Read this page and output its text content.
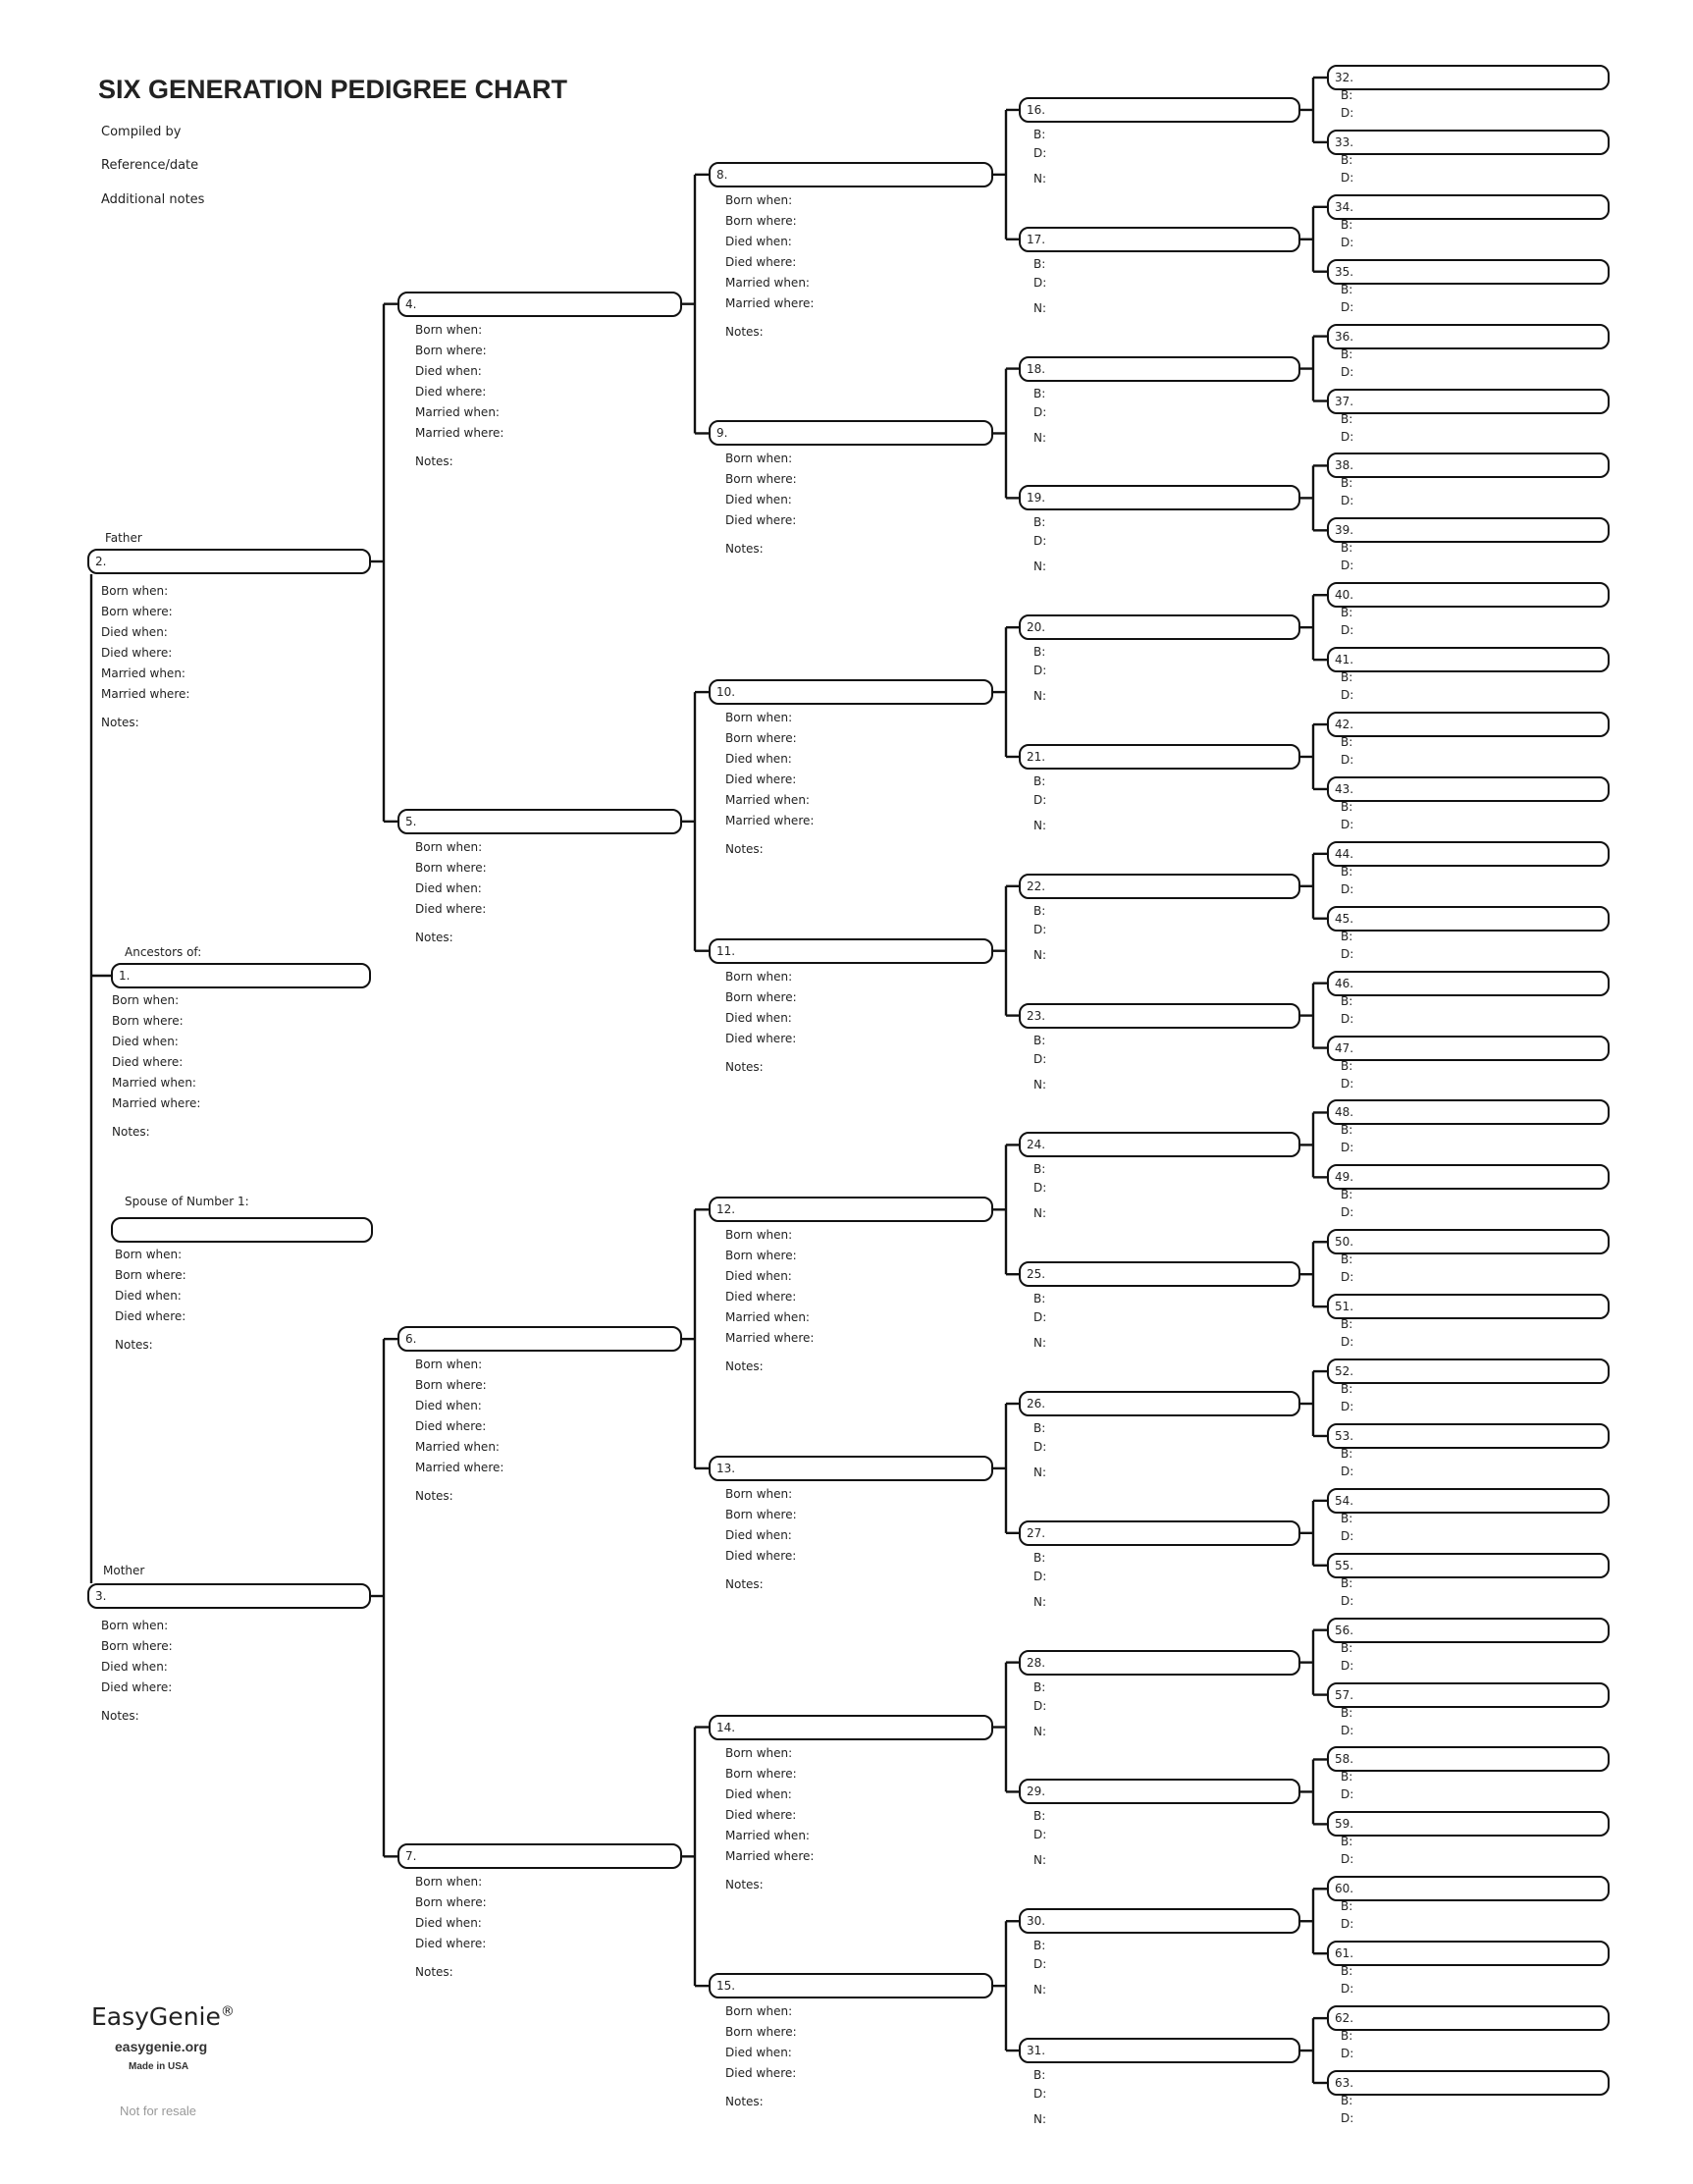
SIX GENERATION PEDIGREE CHART
Compiled by
Reference/date
Additional notes
Father
Mother
Ancestors of:
Spouse of Number 1:
2.
3.
4.
5.
6.
7.
8.
9.
10.
11.
12.
13.
14.
15.
16.
17.
18.
19.
20.
21.
22.
23.
24.
25.
26.
27.
28.
29.
30.
31.
32.
33.
34.
35.
36.
37.
38.
39.
40.
41.
42.
43.
44.
45.
46.
47.
48.
49.
50.
51.
52.
53.
54.
55.
56.
57.
58.
59.
60.
61.
62.
63.
1.
Born when:
Born where:
Died when:
Died where:
Married when:
Married where:
Notes:
Born when:
Born where:
Died when:
Died where:
Notes:
Born when:
Born where:
Died when:
Died where:
Married when:
Married where:
Notes:
Born when:
Born where:
Died when:
Died where:
Notes:
Born when:
Born where:
Died when:
Died where:
Married when:
Married where:
Notes:
Born when:
Born where:
Died when:
Died where:
Notes:
Born when:
Born where:
Died when:
Died where:
Married when:
Married where:
Notes:
Born when:
Born where:
Died when:
Died where:
Notes:
Born when:
Born where:
Died when:
Died where:
Married when:
Married where:
Notes:
Born when:
Born where:
Died when:
Died where:
Notes:
Born when:
Born where:
Died when:
Died where:
Married when:
Married where:
Notes:
Born when:
Born where:
Died when:
Died where:
Notes:
Born when:
Born where:
Died when:
Died where:
Married when:
Married where:
Notes:
Born when:
Born where:
Died when:
Died where:
Notes:
Born when:
Born where:
Died when:
Died where:
Married when:
Married where:
Notes:
Born when:
Born where:
Died when:
Died where:
Notes:
B:
D:
N:
B:
D:
N:
B:
D:
N:
B:
D:
N:
B:
D:
N:
B:
D:
N:
B:
D:
N:
B:
D:
N:
B:
D:
N:
B:
D:
N:
B:
D:
N:
B:
D:
N:
B:
D:
N:
B:
D:
N:
B:
D:
N:
B:
D:
N:
B:
D:
B:
D:
B:
D:
B:
D:
B:
D:
B:
D:
B:
D:
B:
D:
B:
D:
B:
D:
B:
D:
B:
D:
B:
D:
B:
D:
B:
D:
B:
D:
B:
D:
B:
D:
B:
D:
B:
D:
B:
D:
B:
D:
B:
D:
B:
D:
B:
D:
B:
D:
B:
D:
B:
D:
B:
D:
B:
D:
B:
D:
B:
D:
EasyGenie®
easygenie.org
Made in USA
Not for resale
